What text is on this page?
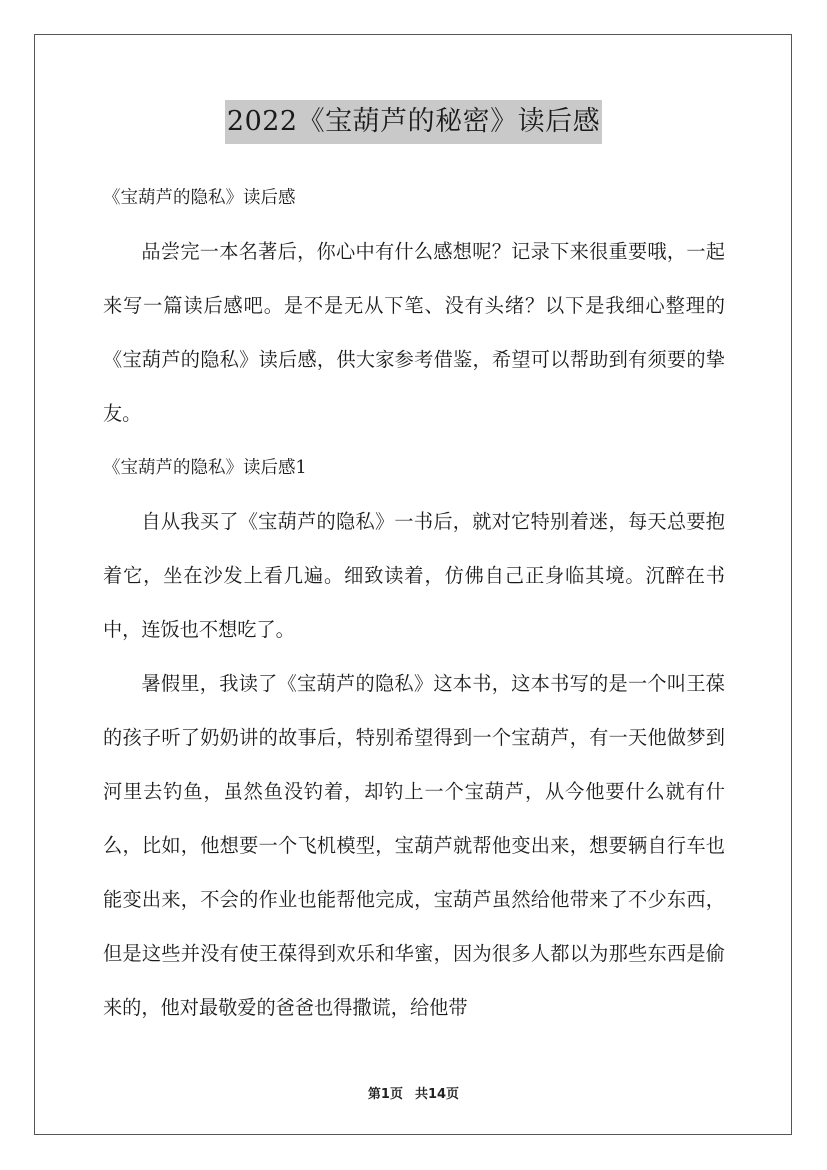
2022《宝葫芦的秘密》读后感

《宝葫芦的隐私》读后感

品尝完一本名著后，你心中有什么感想呢？记录下来很重要哦，一起来写一篇读后感吧。是不是无从下笔、没有头绪？以下是我细心整理的《宝葫芦的隐私》读后感，供大家参考借鉴，希望可以帮助到有须要的挚友。

《宝葫芦的隐私》读后感1

自从我买了《宝葫芦的隐私》一书后，就对它特别着迷，每天总要抱着它，坐在沙发上看几遍。细致读着，仿佛自己正身临其境。沉醉在书中，连饭也不想吃了。

暑假里，我读了《宝葫芦的隐私》这本书，这本书写的是一个叫王葆的孩子听了奶奶讲的故事后，特别希望得到一个宝葫芦，有一天他做梦到河里去钓鱼，虽然鱼没钓着，却钓上一个宝葫芦，从今他要什么就有什么，比如，他想要一个飞机模型，宝葫芦就帮他变出来，想要辆自行车也能变出来，不会的作业也能帮他完成，宝葫芦虽然给他带来了不少东西，但是这些并没有使王葆得到欢乐和华蜜，因为很多人都以为那些东西是偷来的，他对最敬爱的爸爸也得撒谎，给他带

第1页 共14页
